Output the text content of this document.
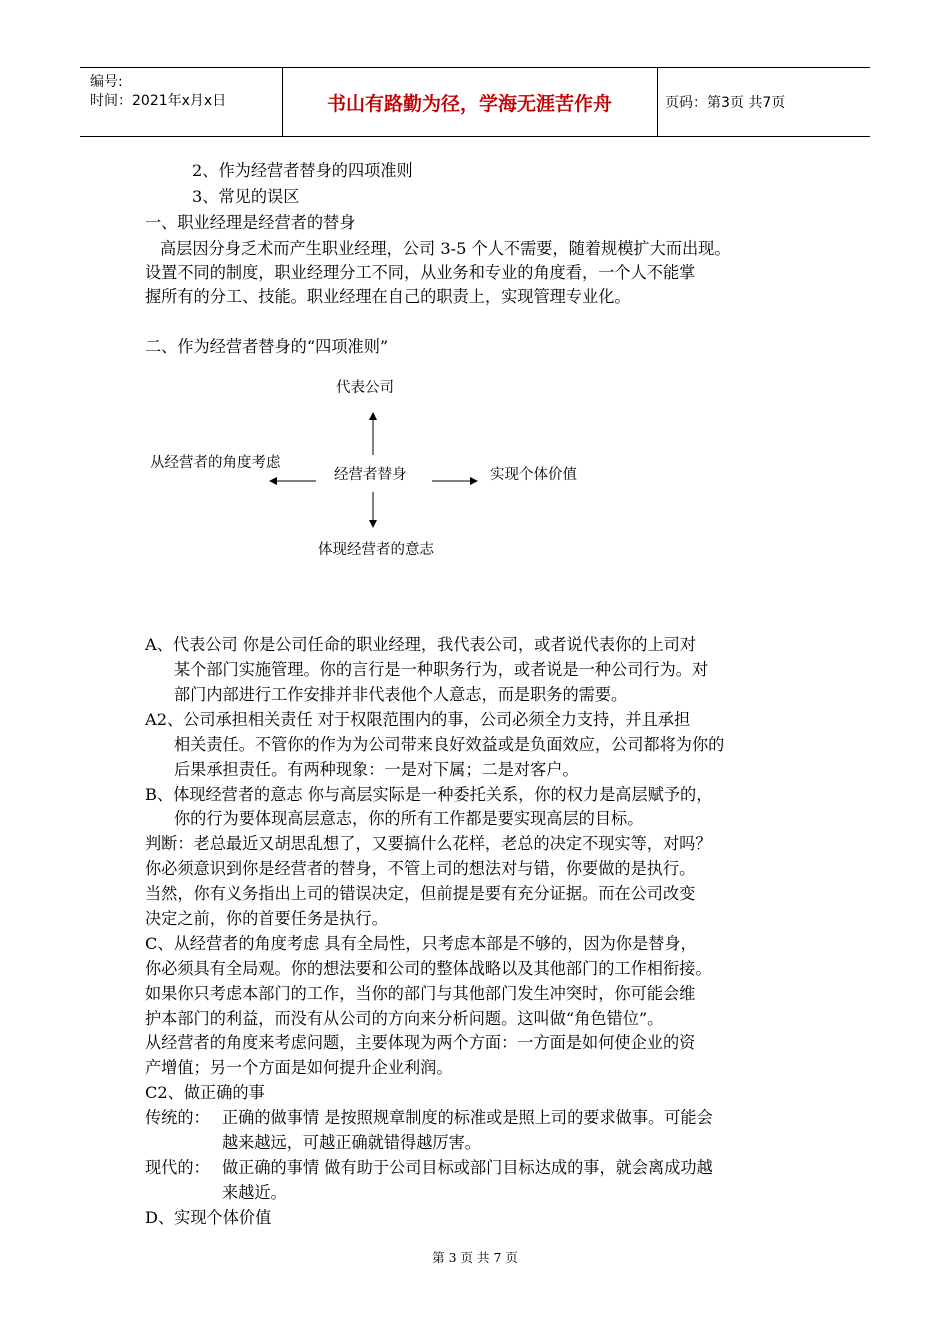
编号:
时间：2021年x月x日	书山有路勤为径，学海无涯苦作舟	页码：第3页 共7页
2、作为经营者替身的四项准则
3、常见的误区
一、职业经理是经营者的替身
高层因分身乏术而产生职业经理，公司 3-5 个人不需要，随着规模扩大而出现。
设置不同的制度，职业经理分工不同，从业务和专业的角度看，一个人不能掌
握所有的分工、技能。职业经理在自己的职责上，实现管理专业化。
二、作为经营者替身的“四项准则”
代表公司
经营者替身
从经营者的角度考虑
实现个体价值
体现经营者的意志
A、代表公司 你是公司任命的职业经理，我代表公司，或者说代表你的上司对
某个部门实施管理。你的言行是一种职务行为，或者说是一种公司行为。对
部门内部进行工作安排并非代表他个人意志，而是职务的需要。
A2、公司承担相关责任 对于权限范围内的事，公司必须全力支持，并且承担
相关责任。不管你的作为为公司带来良好效益或是负面效应，公司都将为你的
后果承担责任。有两种现象：一是对下属；二是对客户。
B、体现经营者的意志 你与高层实际是一种委托关系，你的权力是高层赋予的，
你的行为要体现高层意志，你的所有工作都是要实现高层的目标。
判断：老总最近又胡思乱想了，又要搞什么花样，老总的决定不现实等，对吗？
你必须意识到你是经营者的替身，不管上司的想法对与错，你要做的是执行。
当然，你有义务指出上司的错误决定，但前提是要有充分证据。而在公司改变
决定之前，你的首要任务是执行。
C、从经营者的角度考虑 具有全局性，只考虑本部是不够的，因为你是替身，
你必须具有全局观。你的想法要和公司的整体战略以及其他部门的工作相衔接。
如果你只考虑本部门的工作，当你的部门与其他部门发生冲突时，你可能会维
护本部门的利益，而没有从公司的方向来分析问题。这叫做“角色错位”。
从经营者的角度来考虑问题，主要体现为两个方面：一方面是如何使企业的资
产增值；另一个方面是如何提升企业利润。
C2、做正确的事
传统的： 正确的做事情 是按照规章制度的标准或是照上司的要求做事。可能会
越来越远，可越正确就错得越厉害。
现代的： 做正确的事情 做有助于公司目标或部门目标达成的事，就会离成功越
来越近。
D、实现个体价值
第 3 页 共 7 页
